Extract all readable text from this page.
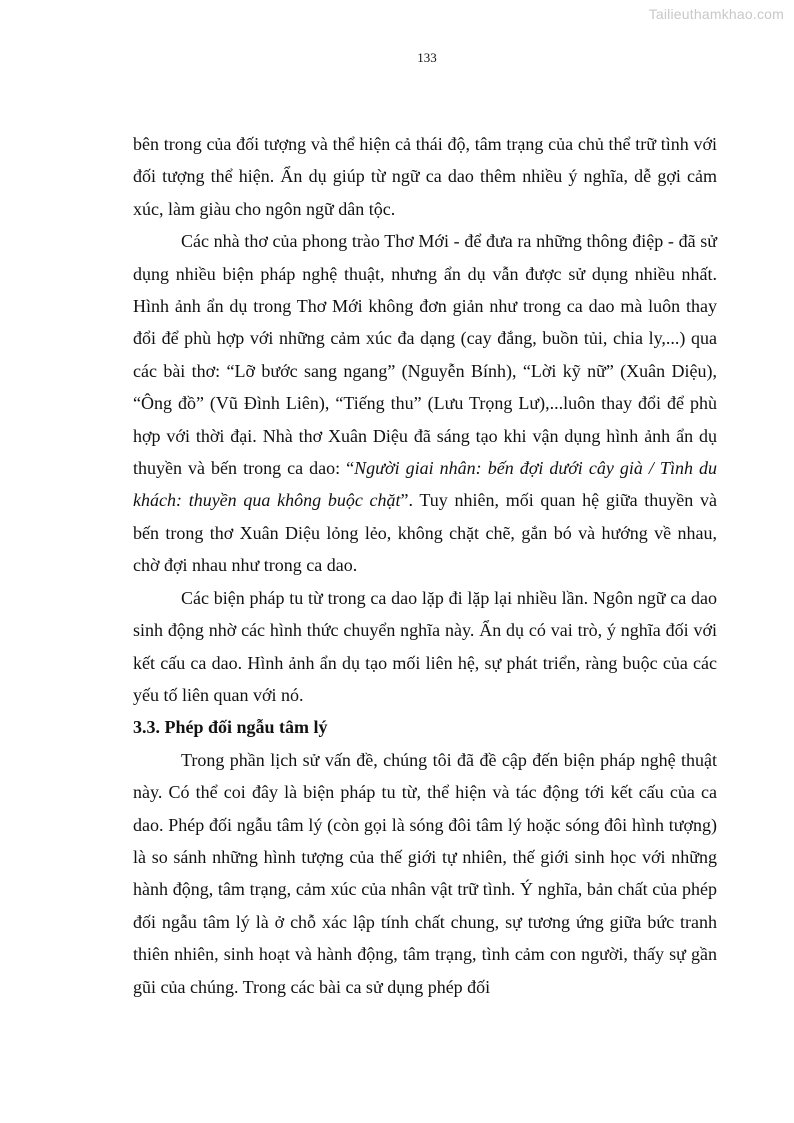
Tailieuthamkhao.com
133

bên trong của đối tượng và thể hiện cả thái độ, tâm trạng của chủ thể trữ tình với đối tượng thể hiện. Ẩn dụ giúp từ ngữ ca dao thêm nhiều ý nghĩa, dễ gợi cảm xúc, làm giàu cho ngôn ngữ dân tộc.

Các nhà thơ của phong trào Thơ Mới - để đưa ra những thông điệp - đã sử dụng nhiều biện pháp nghệ thuật, nhưng ẩn dụ vẫn được sử dụng nhiều nhất. Hình ảnh ẩn dụ trong Thơ Mới không đơn giản như trong ca dao mà luôn thay đổi để phù hợp với những cảm xúc đa dạng (cay đắng, buồn tủi, chia ly,...) qua các bài thơ: “Lỡ bước sang ngang” (Nguyễn Bính), “Lời kỹ nữ” (Xuân Diệu), “Ông đồ” (Vũ Đình Liên), “Tiếng thu” (Lưu Trọng Lư),...luôn thay đổi để phù hợp với thời đại. Nhà thơ Xuân Diệu đã sáng tạo khi vận dụng hình ảnh ẩn dụ thuyền và bến trong ca dao: “Người giai nhân: bến đợi dưới cây già / Tình du khách: thuyền qua không buộc chặt”. Tuy nhiên, mối quan hệ giữa thuyền và bến trong thơ Xuân Diệu lỏng lẻo, không chặt chẽ, gắn bó và hướng về nhau, chờ đợi nhau như trong ca dao.

Các biện pháp tu từ trong ca dao lặp đi lặp lại nhiều lần. Ngôn ngữ ca dao sinh động nhờ các hình thức chuyển nghĩa này. Ẩn dụ có vai trò, ý nghĩa đối với kết cấu ca dao. Hình ảnh ẩn dụ tạo mối liên hệ, sự phát triển, ràng buộc của các yếu tố liên quan với nó.

3.3. Phép đối ngẫu tâm lý

Trong phần lịch sử vấn đề, chúng tôi đã đề cập đến biện pháp nghệ thuật này. Có thể coi đây là biện pháp tu từ, thể hiện và tác động tới kết cấu của ca dao. Phép đối ngẫu tâm lý (còn gọi là sóng đôi tâm lý hoặc sóng đôi hình tượng) là so sánh những hình tượng của thế giới tự nhiên, thế giới sinh học với những hành động, tâm trạng, cảm xúc của nhân vật trữ tình. Ý nghĩa, bản chất của phép đối ngẫu tâm lý là ở chỗ xác lập tính chất chung, sự tương ứng giữa bức tranh thiên nhiên, sinh hoạt và hành động, tâm trạng, tình cảm con người, thấy sự gần gũi của chúng. Trong các bài ca sử dụng phép đối
